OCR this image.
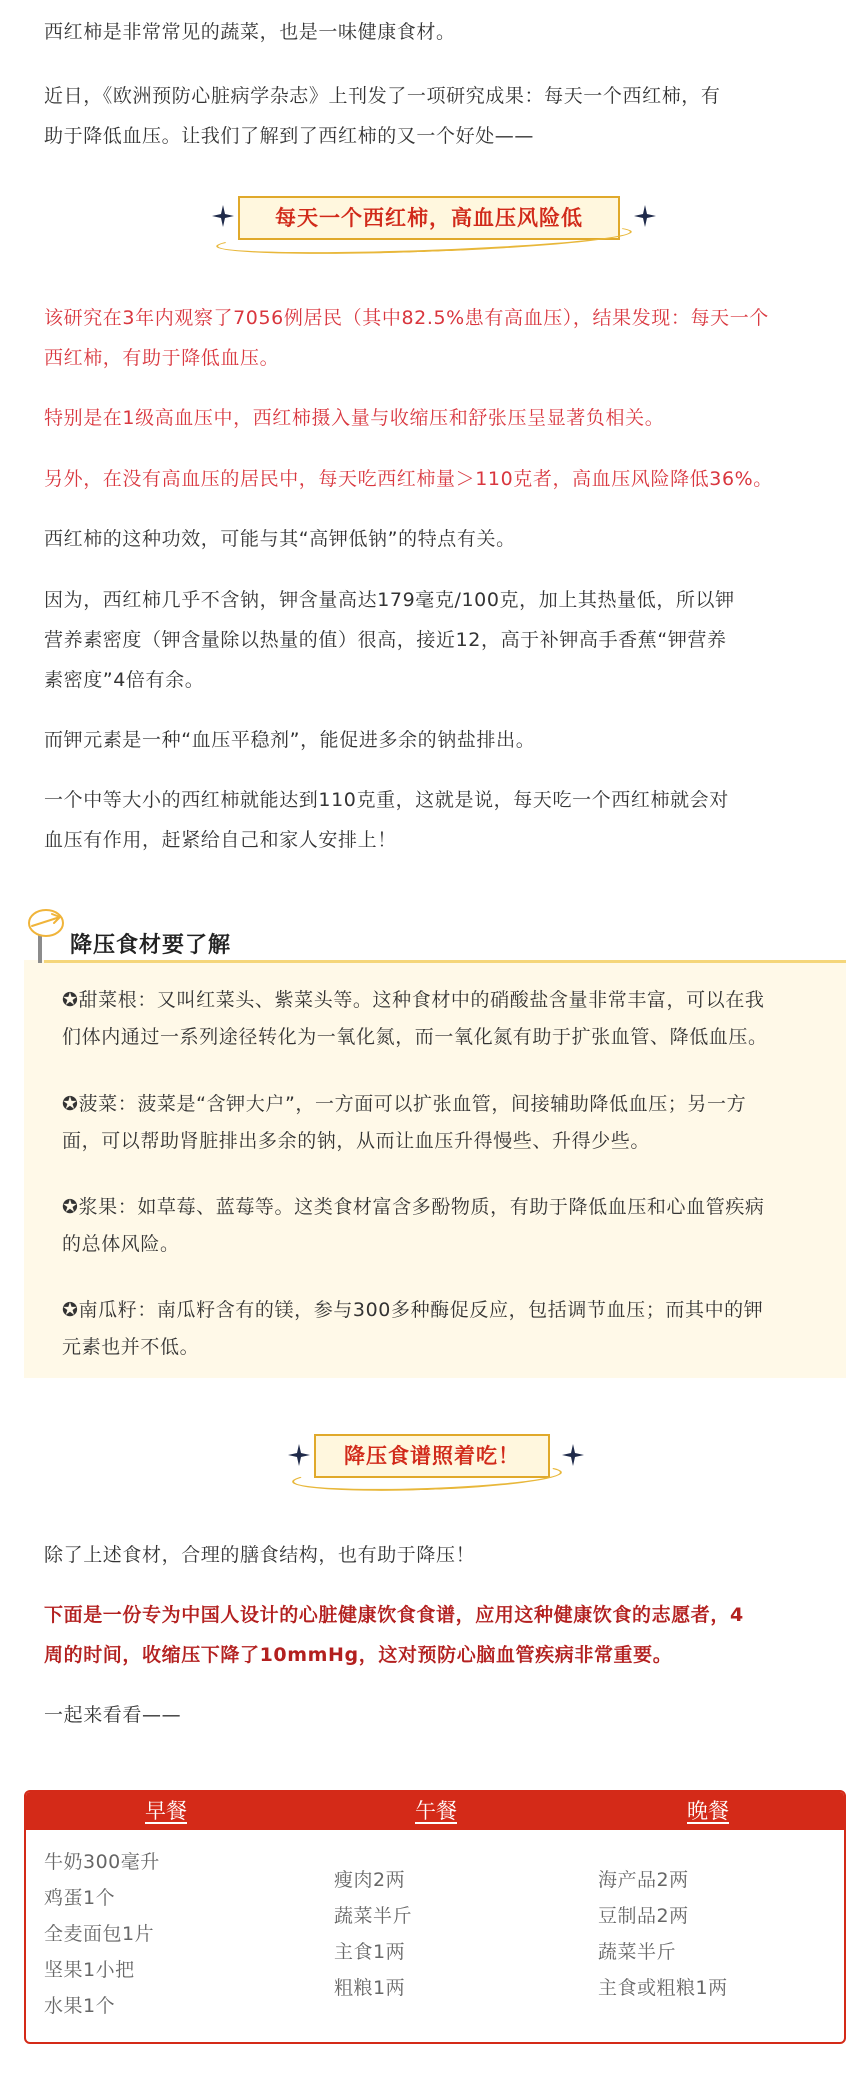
西红柿是非常常见的蔬菜，也是一味健康食材。

近日，《欧洲预防心脏病学杂志》上刊发了一项研究成果：每天一个西红柿，有

助于降低血压。让我们了解到了西红柿的又一个好处——

每天一个西红柿，高血压风险低

该研究在3年内观察了7056例居民（其中82.5%患有高血压），结果发现：每天一个

西红柿，有助于降低血压。

特别是在1级高血压中，西红柿摄入量与收缩压和舒张压呈显著负相关。

另外，在没有高血压的居民中，每天吃西红柿量＞110克者，高血压风险降低36%。

西红柿的这种功效，可能与其“高钾低钠”的特点有关。

因为，西红柿几乎不含钠，钾含量高达179毫克/100克，加上其热量低，所以钾

营养素密度（钾含量除以热量的值）很高，接近12，高于补钾高手香蕉“钾营养

素密度”4倍有余。

而钾元素是一种“血压平稳剂”，能促进多余的钠盐排出。

一个中等大小的西红柿就能达到110克重，这就是说，每天吃一个西红柿就会对

血压有作用，赶紧给自己和家人安排上！

降压食材要了解
✪甜菜根：又叫红菜头、紫菜头等。这种食材中的硝酸盐含量非常丰富，可以在我
们体内通过一系列途径转化为一氧化氮，而一氧化氮有助于扩张血管、降低血压。
✪菠菜：菠菜是“含钾大户”，一方面可以扩张血管，间接辅助降低血压；另一方
面，可以帮助肾脏排出多余的钠，从而让血压升得慢些、升得少些。
✪浆果：如草莓、蓝莓等。这类食材富含多酚物质，有助于降低血压和心血管疾病
的总体风险。
✪南瓜籽：南瓜籽含有的镁，参与300多种酶促反应，包括调节血压；而其中的钾
元素也并不低。
降压食谱照着吃！

除了上述食材，合理的膳食结构，也有助于降压！

下面是一份专为中国人设计的心脏健康饮食食谱，应用这种健康饮食的志愿者，4

周的时间，收缩压下降了10mmHg，这对预防心脑血管疾病非常重要。

一起来看看——

早餐	午餐	晚餐
牛奶300毫升
鸡蛋1个
全麦面包1片
坚果1小把
水果1个
瘦肉2两
蔬菜半斤
主食1两
粗粮1两
海产品2两
豆制品2两
蔬菜半斤
主食或粗粮1两
